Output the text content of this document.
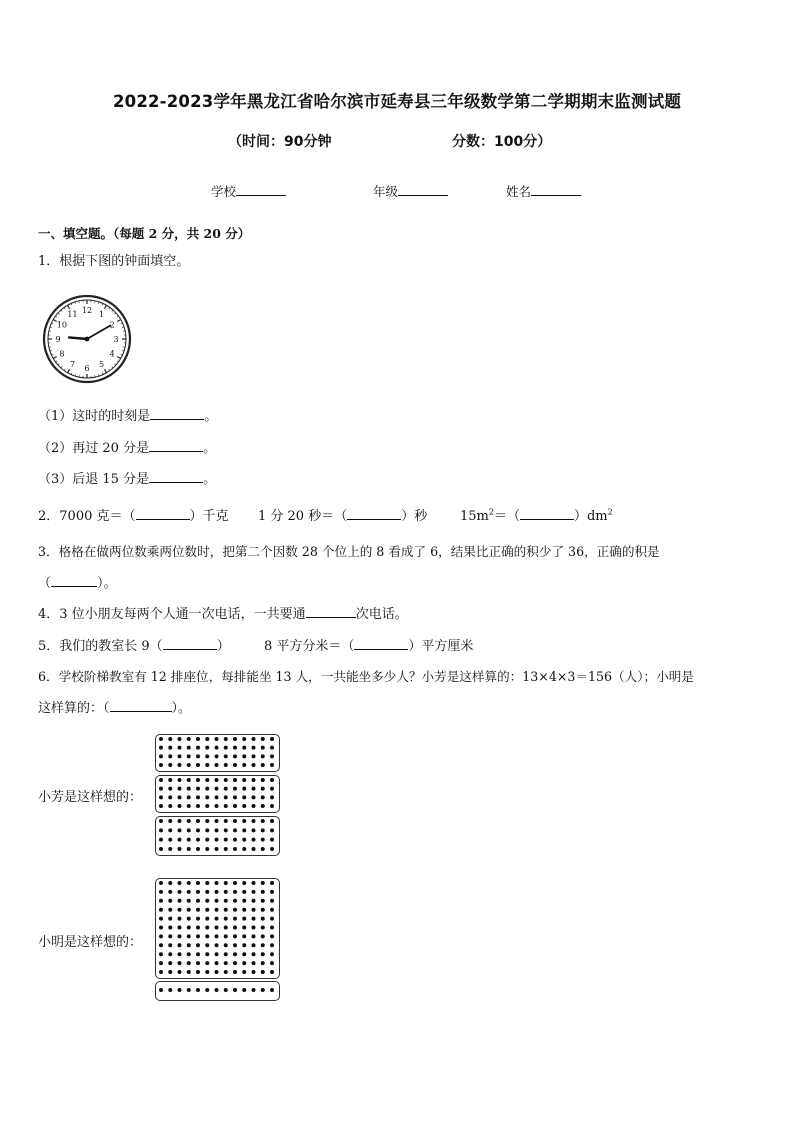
2022-2023学年黑龙江省哈尔滨市延寿县三年级数学第二学期期末监测试题
（时间：90分钟	分数：100分）
学校	年级	姓名
一、填空题。（每题 2 分，共 20 分）
1．根据下图的钟面填空。
12 1
2
3
4
5
6
7
8
9
10
11
（1）这时的时刻是	。
（2）再过 20 分是	。
（3）后退 15 分是	。
2．7000 克＝（	）千克 1 分 20 秒＝（	）秒	$15m^2=$（	）$dm^2$
3．格格在做两位数乘两位数时，把第二个因数 28 个位上的 8 看成了 6，结果比正确的积少了 36，正确的积是
（	）。
4．3 位小朋友每两个人通一次电话，一共要通	次电话。
5．我们的教室长 9（	）	8 平方分米＝（	）平方厘米
6．学校阶梯教室有 12 排座位，每排能坐 13 人，一共能坐多少人？小芳是这样算的：13×4×3＝156（人）；小明是
这样算的：（	）。
小芳是这样想的：
小明是这样想的：
